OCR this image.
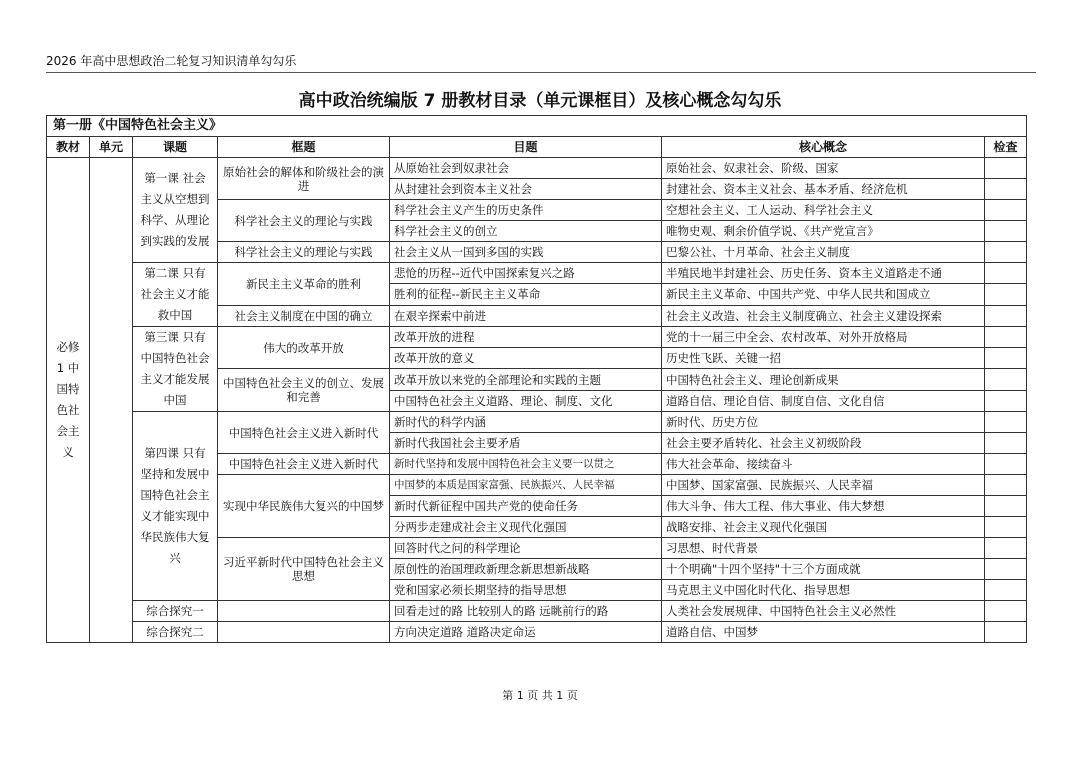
2026 年高中思想政治二轮复习知识清单勾勾乐
高中政治统编版 7 册教材目录（单元课框目）及核心概念勾勾乐
第一册《中国特色社会主义》						
教材	单元	课题	框题	目题	核心概念	检查

必修 1 中国特色社会主义		第一课 社会主义从空想到科学、从理论到实践的发展	原始社会的解体和阶级社会的演进	从原始社会到奴隶社会	原始社会、奴隶社会、阶级、国家	
				从封建社会到资本主义社会	封建社会、资本主义社会、基本矛盾、经济危机	
			科学社会主义的理论与实践	科学社会主义产生的历史条件	空想社会主义、工人运动、科学社会主义	
				科学社会主义的创立	唯物史观、剩余价值学说、《共产党宣言》	
			科学社会主义的理论与实践	社会主义从一国到多国的实践	巴黎公社、十月革命、社会主义制度	
		第二课 只有社会主义才能救中国	新民主主义革命的胜利	悲怆的历程--近代中国探索复兴之路	半殖民地半封建社会、历史任务、资本主义道路走不通	
				胜利的征程--新民主主义革命	新民主主义革命、中国共产党、中华人民共和国成立	
			社会主义制度在中国的确立	在艰辛探索中前进	社会主义改造、社会主义制度确立、社会主义建设探索	
		第三课 只有中国特色社会主义才能发展中国	伟大的改革开放	改革开放的进程	党的十一届三中全会、农村改革、对外开放格局	
				改革开放的意义	历史性飞跃、关键一招	
			中国特色社会主义的创立、发展和完善	改革开放以来党的全部理论和实践的主题	中国特色社会主义、理论创新成果	
				中国特色社会主义道路、理论、制度、文化	道路自信、理论自信、制度自信、文化自信	
		第四课 只有坚持和发展中国特色社会主义才能实现中华民族伟大复兴	中国特色社会主义进入新时代	新时代的科学内涵	新时代、历史方位	
				新时代我国社会主要矛盾	社会主要矛盾转化、社会主义初级阶段	
			中国特色社会主义进入新时代	新时代坚持和发展中国特色社会主义要一以贯之	伟大社会革命、接续奋斗	
			实现中华民族伟大复兴的中国梦	中国梦的本质是国家富强、民族振兴、人民幸福	中国梦、国家富强、民族振兴、人民幸福	
				新时代新征程中国共产党的使命任务	伟大斗争、伟大工程、伟大事业、伟大梦想	
				分两步走建成社会主义现代化强国	战略安排、社会主义现代化强国	
			习近平新时代中国特色社会主义思想	回答时代之问的科学理论	习思想、时代背景	
				原创性的治国理政新理念新思想新战略	十个明确"十四个坚持"十三个方面成就	
				党和国家必须长期坚持的指导思想	马克思主义中国化时代化、指导思想	
		综合探究一		回看走过的路 比较别人的路 远眺前行的路	人类社会发展规律、中国特色社会主义必然性	
		综合探究二		方向决定道路 道路决定命运	道路自信、中国梦	
第 1 页 共 1 页
